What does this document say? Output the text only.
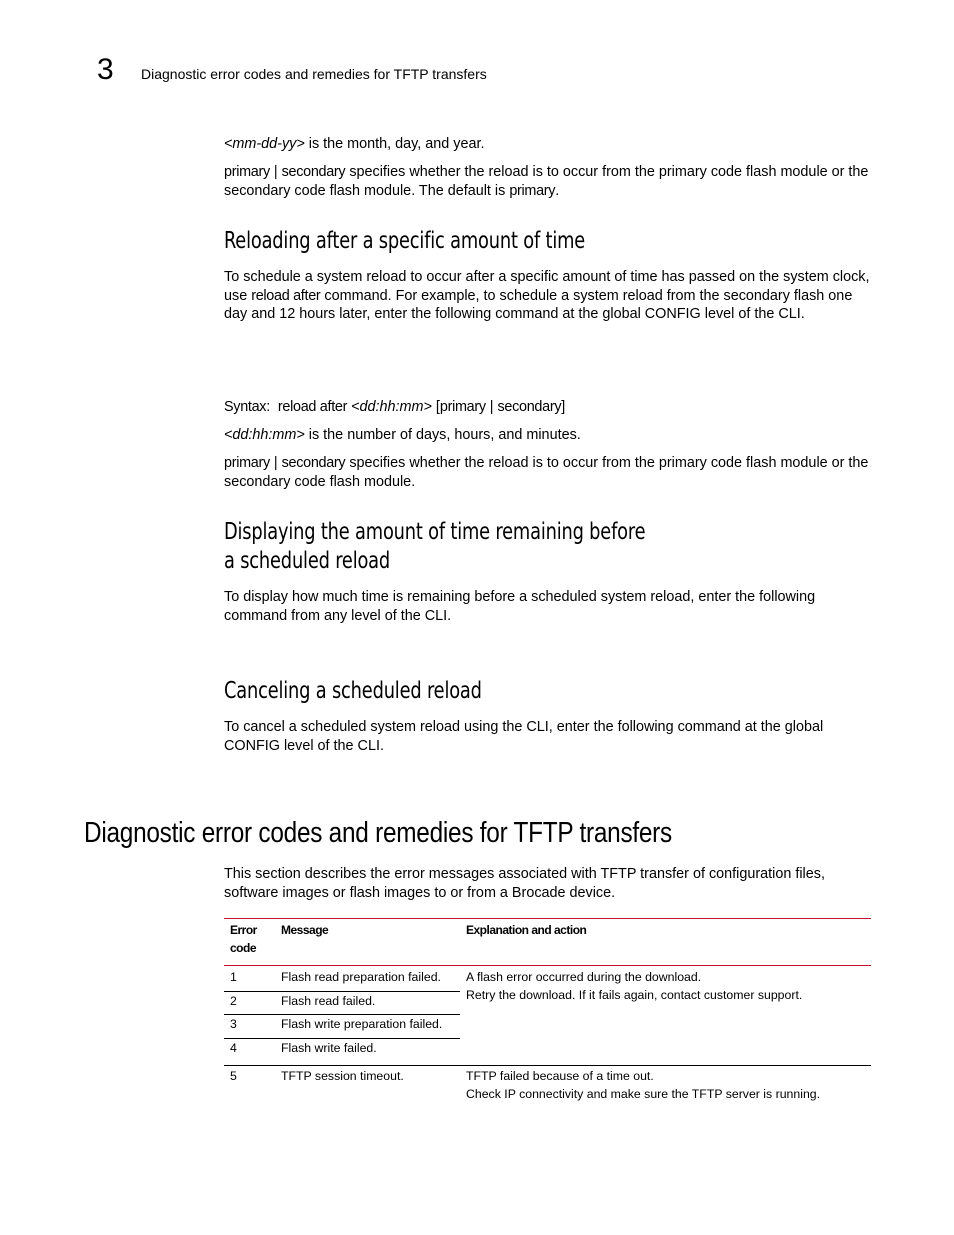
3 Diagnostic error codes and remedies for TFTP transfers

<mm-dd-yy> is the month, day, and year.

primary | secondary specifies whether the reload is to occur from the primary code flash module or the secondary code flash module. The default is primary.

Reloading after a specific amount of time

To schedule a system reload to occur after a specific amount of time has passed on the system clock, use reload after command. For example, to schedule a system reload from the secondary flash one day and 12 hours later, enter the following command at the global CONFIG level of the CLI.

Syntax: reload after <dd:hh:mm> [primary | secondary]

<dd:hh:mm> is the number of days, hours, and minutes.

primary | secondary specifies whether the reload is to occur from the primary code flash module or the secondary code flash module.

Displaying the amount of time remaining before
a scheduled reload

To display how much time is remaining before a scheduled system reload, enter the following command from any level of the CLI.

Canceling a scheduled reload

To cancel a scheduled system reload using the CLI, enter the following command at the global CONFIG level of the CLI.

Diagnostic error codes and remedies for TFTP transfers

This section describes the error messages associated with TFTP transfer of configuration files, software images or flash images to or from a Brocade device.

Error
code	Message	Explanation and action
1	Flash read preparation failed.	A flash error occurred during the download.
Retry the download. If it fails again, contact customer support.
2	Flash read failed.	
3	Flash write preparation failed.	
4	Flash write failed.	
5	TFTP session timeout.	TFTP failed because of a time out.
Check IP connectivity and make sure the TFTP server is running.
